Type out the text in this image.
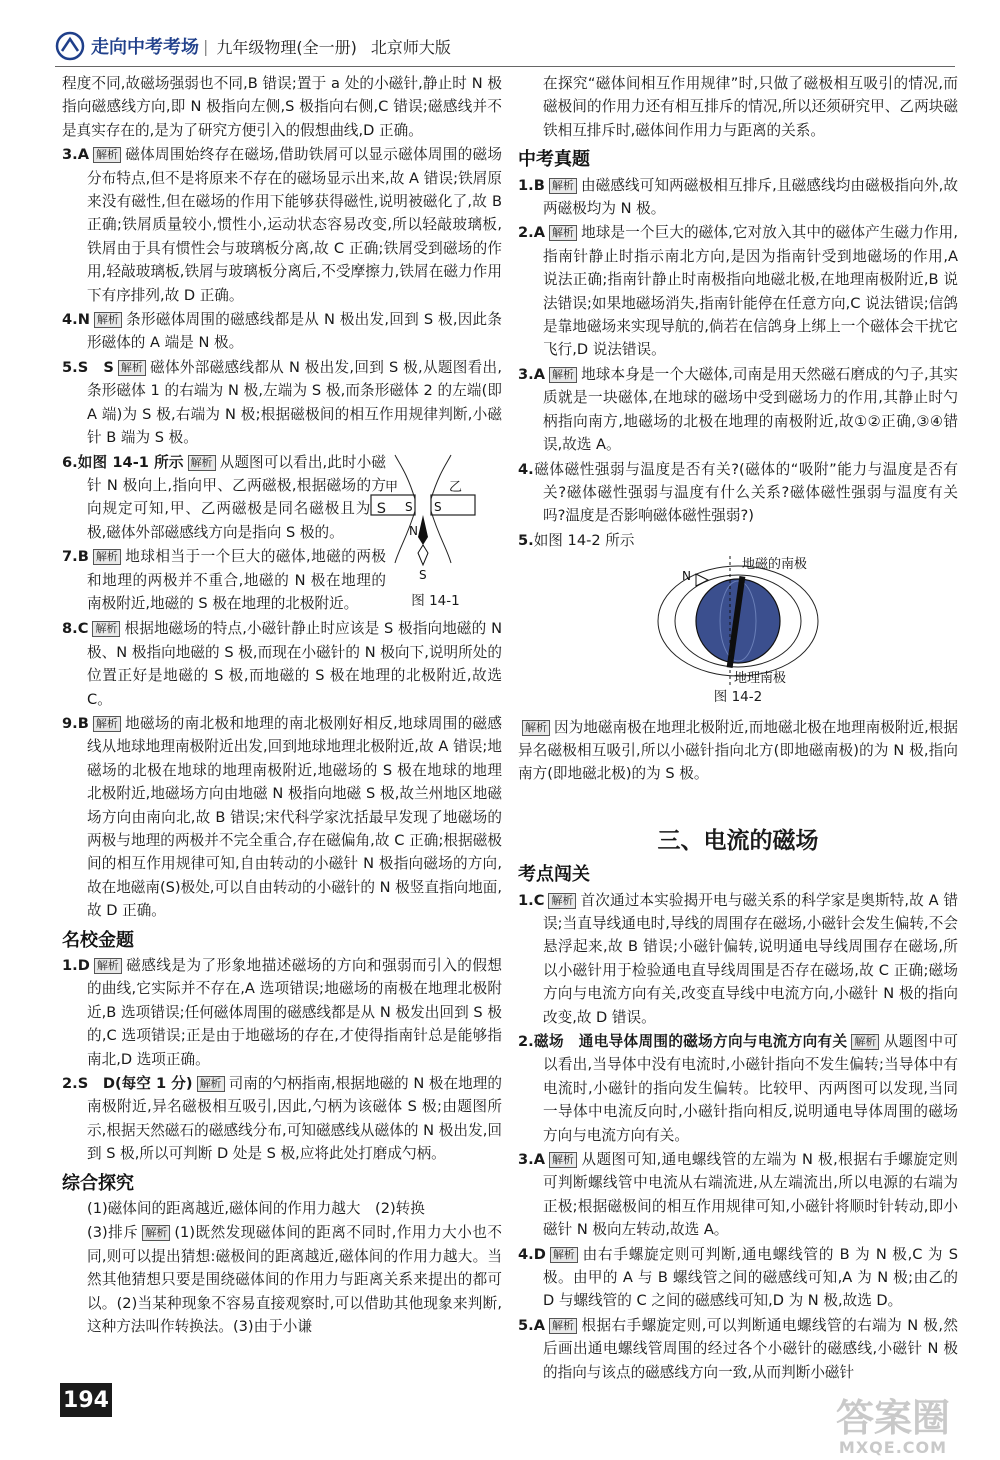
走向中考考场 | 九年级物理(全一册) 北京师大版

程度不同,故磁场强弱也不同,B 错误;置于 a 处的小磁针,静止时 N 极指向磁感线方向,即 N 极指向左侧,S 极指向右侧,C 错误;磁感线并不是真实存在的,是为了研究方便引入的假想曲线,D 正确。

3.A 解析 磁体周围始终存在磁场,借助铁屑可以显示磁体周围的磁场分布特点,但不是将原来不存在的磁场显示出来,故 A 错误;铁屑原来没有磁性,但在磁场的作用下能够获得磁性,说明被磁化了,故 B 正确;铁屑质量较小,惯性小,运动状态容易改变,所以轻敲玻璃板,铁屑由于具有惯性会与玻璃板分离,故 C 正确;铁屑受到磁场的作用,轻敲玻璃板,铁屑与玻璃板分离后,不受摩擦力,铁屑在磁力作用下有序排列,故 D 正确。

4.N 解析 条形磁体周围的磁感线都是从 N 极出发,回到 S 极,因此条形磁体的 A 端是 N 极。

5.S　S 解析 磁体外部磁感线都从 N 极出发,回到 S 极,从题图看出,条形磁体 1 的右端为 N 极,左端为 S 极,而条形磁体 2 的左端(即 A 端)为 S 极,右端为 N 极;根据磁极间的相互作用规律判断,小磁针 B 端为 S 极。

甲	乙
S S
N
S
图 14-1
6.如图 14-1 所示 解析 从题图可以看出,此时小磁针 N 极向上,指向甲、乙两磁极,根据磁场的方向规定可知,甲、乙两磁极是同名磁极且为 S 极,磁体外部磁感线方向是指向 S 极的。

7.B 解析 地球相当于一个巨大的磁体,地磁的两极和地理的两极并不重合,地磁的 N 极在地理的南极附近,地磁的 S 极在地理的北极附近。

8.C 解析 根据地磁场的特点,小磁针静止时应该是 S 极指向地磁的 N 极、N 极指向地磁的 S 极,而现在小磁针的 N 极向下,说明所处的位置正好是地磁的 S 极,而地磁的 S 极在地理的北极附近,故选 C。

9.B 解析 地磁场的南北极和地理的南北极刚好相反,地球周围的磁感线从地球地理南极附近出发,回到地球地理北极附近,故 A 错误;地磁场的北极在地球的地理南极附近,地磁场的 S 极在地球的地理北极附近,地磁场方向由地磁 N 极指向地磁 S 极,故兰州地区地磁场方向由南向北,故 B 错误;宋代科学家沈括最早发现了地磁场的两极与地理的两极并不完全重合,存在磁偏角,故 C 正确;根据磁极间的相互作用规律可知,自由转动的小磁针 N 极指向磁场的方向,故在地磁南(S)极处,可以自由转动的小磁针的 N 极竖直指向地面,故 D 正确。

名校金题

1.D 解析 磁感线是为了形象地描述磁场的方向和强弱而引入的假想的曲线,它实际并不存在,A 选项错误;地磁场的南极在地理北极附近,B 选项错误;任何磁体周围的磁感线都是从 N 极发出回到 S 极的,C 选项错误;正是由于地磁场的存在,才使得指南针总是能够指南北,D 选项正确。

2.S　D(每空 1 分) 解析 司南的勺柄指南,根据地磁的 N 极在地理的南极附近,异名磁极相互吸引,因此,勺柄为该磁体 S 极;由题图所示,根据天然磁石的磁感线分布,可知磁感线从磁体的 N 极出发,回到 S 极,所以可判断 D 处是 S 极,应将此处打磨成勺柄。

综合探究

(1)磁体间的距离越近,磁体间的作用力越大　(2)转换

(3)排斥 解析 (1)既然发现磁体间的距离不同时,作用力大小也不同,则可以提出猜想:磁极间的距离越近,磁体间的作用力越大。当然其他猜想只要是围绕磁体间的作用力与距离关系来提出的都可以。(2)当某种现象不容易直接观察时,可以借助其他现象来判断,这种方法叫作转换法。(3)由于小谦

在探究“磁体间相互作用规律”时,只做了磁极相互吸引的情况,而磁极间的作用力还有相互排斥的情况,所以还须研究甲、乙两块磁铁相互排斥时,磁体间作用力与距离的关系。

中考真题

1.B 解析 由磁感线可知两磁极相互排斥,且磁感线均由磁极指向外,故两磁极均为 N 极。

2.A 解析 地球是一个巨大的磁体,它对放入其中的磁体产生磁力作用,指南针静止时指示南北方向,是因为指南针受到地磁场的作用,A 说法正确;指南针静止时南极指向地磁北极,在地理南极附近,B 说法错误;如果地磁场消失,指南针能停在任意方向,C 说法错误;信鸽是靠地磁场来实现导航的,倘若在信鸽身上绑上一个磁体会干扰它飞行,D 说法错误。

3.A 解析 地球本身是一个大磁体,司南是用天然磁石磨成的勺子,其实质就是一块磁体,在地球的磁场中受到磁场力的作用,其静止时勺柄指向南方,地磁场的北极在地理的南极附近,故①②正确,③④错误,故选 A。

4.磁体磁性强弱与温度是否有关?(磁体的“吸附”能力与温度是否有关?磁体磁性强弱与温度有什么关系?磁体磁性强弱与温度有关吗?温度是否影响磁体磁性强弱?)

5.如图 14-2 所示

N
地磁的南极
地理南极
图 14-2

解析 因为地磁南极在地理北极附近,而地磁北极在地理南极附近,根据异名磁极相互吸引,所以小磁针指向北方(即地磁南极)的为 N 极,指向南方(即地磁北极)的为 S 极。

三、电流的磁场
考点闯关

1.C 解析 首次通过本实验揭开电与磁关系的科学家是奥斯特,故 A 错误;当直导线通电时,导线的周围存在磁场,小磁针会发生偏转,不会悬浮起来,故 B 错误;小磁针偏转,说明通电导线周围存在磁场,所以小磁针用于检验通电直导线周围是否存在磁场,故 C 正确;磁场方向与电流方向有关,改变直导线中电流方向,小磁针 N 极的指向改变,故 D 错误。

2.磁场　通电导体周围的磁场方向与电流方向有关 解析 从题图中可以看出,当导体中没有电流时,小磁针指向不发生偏转;当导体中有电流时,小磁针的指向发生偏转。比较甲、丙两图可以发现,当同一导体中电流反向时,小磁针指向相反,说明通电导体周围的磁场方向与电流方向有关。

3.A 解析 从题图可知,通电螺线管的左端为 N 极,根据右手螺旋定则可判断螺线管中电流从右端流进,从左端流出,所以电源的右端为正极;根据磁极间的相互作用规律可知,小磁针将顺时针转动,即小磁针 N 极向左转动,故选 A。

4.D 解析 由右手螺旋定则可判断,通电螺线管的 B 为 N 极,C 为 S 极。由甲的 A 与 B 螺线管之间的磁感线可知,A 为 N 极;由乙的 D 与螺线管的 C 之间的磁感线可知,D 为 N 极,故选 D。

5.A 解析 根据右手螺旋定则,可以判断通电螺线管的右端为 N 极,然后画出通电螺线管周围的经过各个小磁针的磁感线,小磁针 N 极的指向与该点的磁感线方向一致,从而判断小磁针

194	答案圈
MXQE.COM
